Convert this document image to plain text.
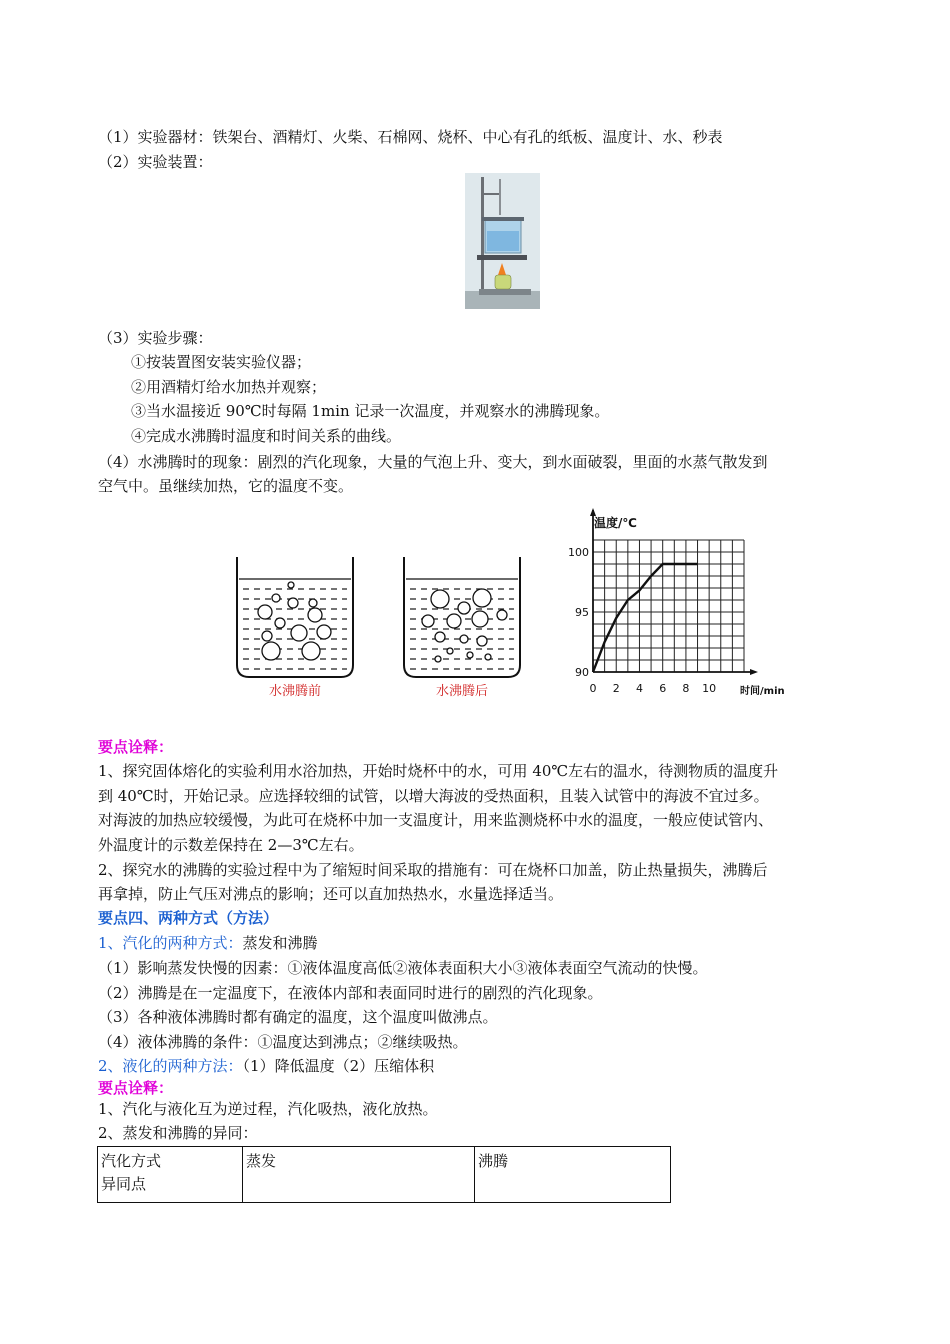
（1）实验器材：铁架台、酒精灯、火柴、石棉网、烧杯、中心有孔的纸板、温度计、水、秒表
（2）实验装置：
（3）实验步骤：
①按装置图安装实验仪器；
②用酒精灯给水加热并观察；
③当水温接近 90℃时每隔 1min 记录一次温度，并观察水的沸腾现象。
④完成水沸腾时温度和时间关系的曲线。
（4）水沸腾时的现象：剧烈的汽化现象，大量的气泡上升、变大，到水面破裂，里面的水蒸气散发到
空气中。虽继续加热，它的温度不变。
水沸腾前	水沸腾后	0 2 4 6 8 10
90
95
100
温度/℃
时间/min
要点诠释：
1、探究固体熔化的实验利用水浴加热，开始时烧杯中的水，可用 40℃左右的温水，待测物质的温度升
到 40℃时，开始记录。应选择较细的试管，以增大海波的受热面积，且装入试管中的海波不宜过多。
对海波的加热应较缓慢，为此可在烧杯中加一支温度计，用来监测烧杯中水的温度，一般应使试管内、
外温度计的示数差保持在 2—3℃左右。
2、探究水的沸腾的实验过程中为了缩短时间采取的措施有：可在烧杯口加盖，防止热量损失，沸腾后
再拿掉，防止气压对沸点的影响；还可以直加热热水，水量选择适当。
要点四、两种方式（方法）
1、汽化的两种方式：蒸发和沸腾
（1）影响蒸发快慢的因素：①液体温度高低②液体表面积大小③液体表面空气流动的快慢。
（2）沸腾是在一定温度下，在液体内部和表面同时进行的剧烈的汽化现象。
（3）各种液体沸腾时都有确定的温度，这个温度叫做沸点。
（4）液体沸腾的条件：①温度达到沸点；②继续吸热。
2、液化的两种方法：（1）降低温度（2）压缩体积
要点诠释：
1、汽化与液化互为逆过程，汽化吸热，液化放热。
2、蒸发和沸腾的异同：
汽化方式
异同点
	蒸发	沸腾
